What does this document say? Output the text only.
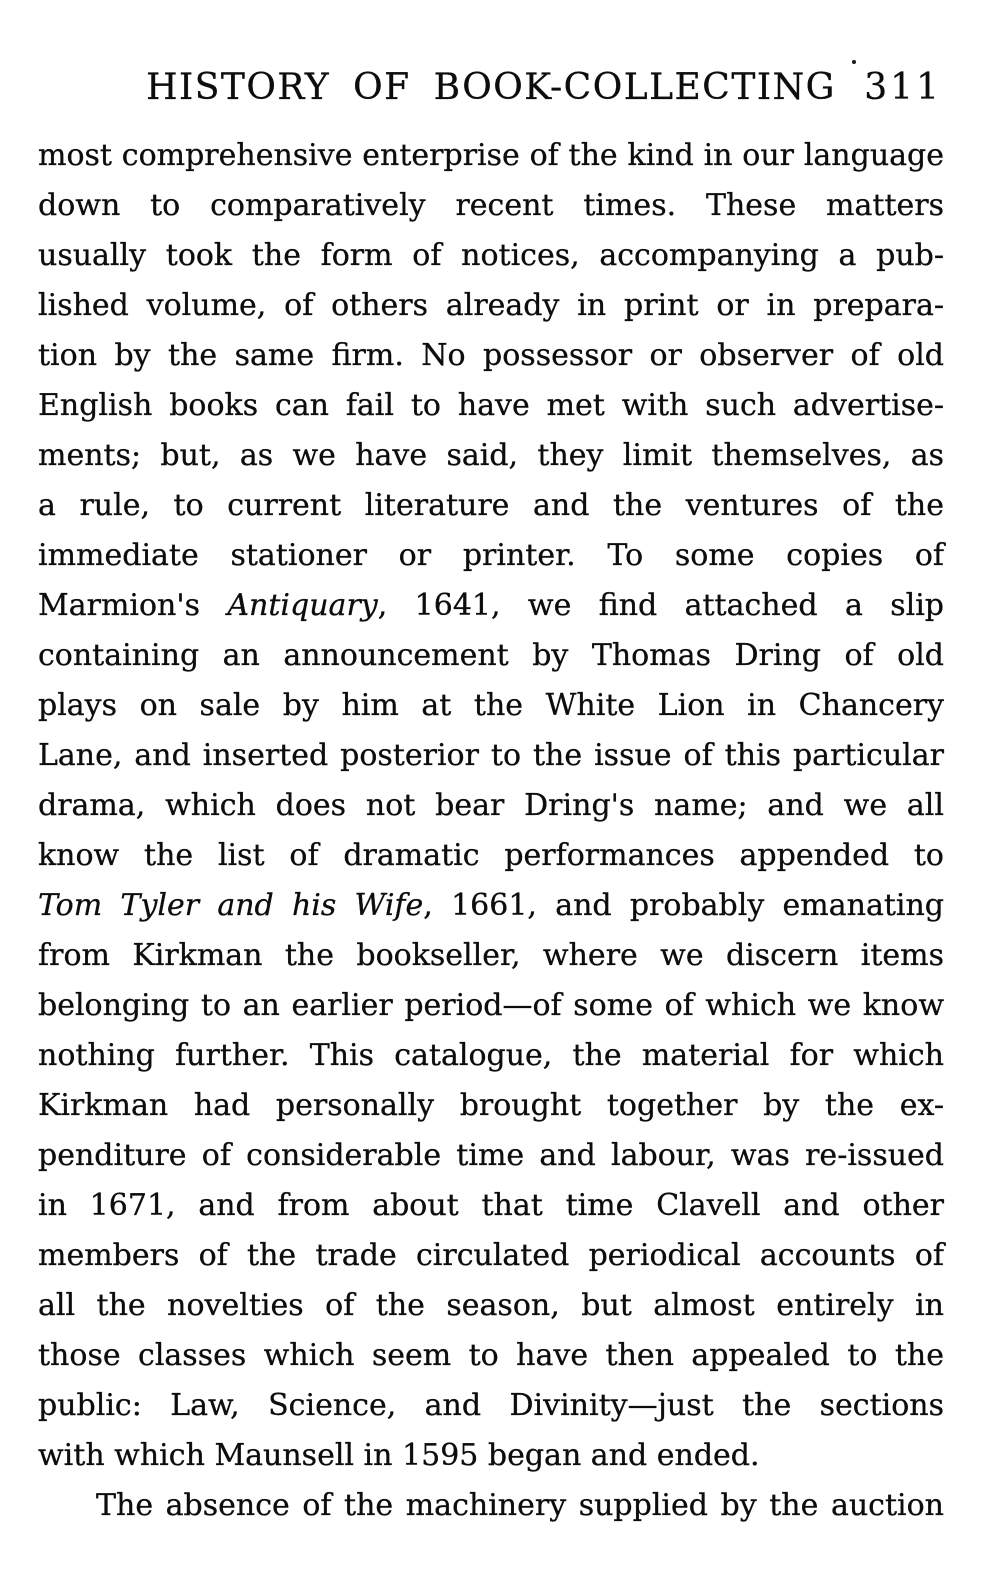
HISTORY OF BOOK-COLLECTING 311
most comprehensive enterprise of the kind in our language
down to comparatively recent times. These matters
usually took the form of notices, accompanying a pub-
lished volume, of others already in print or in prepara-
tion by the same firm. No possessor or observer of old
English books can fail to have met with such advertise-
ments; but, as we have said, they limit themselves, as
a rule, to current literature and the ventures of the
immediate stationer or printer. To some copies of
Marmion's Antiquary, 1641, we find attached a slip
containing an announcement by Thomas Dring of old
plays on sale by him at the White Lion in Chancery
Lane, and inserted posterior to the issue of this particular
drama, which does not bear Dring's name; and we all
know the list of dramatic performances appended to
Tom Tyler and his Wife, 1661, and probably emanating
from Kirkman the bookseller, where we discern items
belonging to an earlier period—of some of which we know
nothing further. This catalogue, the material for which
Kirkman had personally brought together by the ex-
penditure of considerable time and labour, was re-issued
in 1671, and from about that time Clavell and other
members of the trade circulated periodical accounts of
all the novelties of the season, but almost entirely in
those classes which seem to have then appealed to the
public: Law, Science, and Divinity—just the sections
with which Maunsell in 1595 began and ended.
The absence of the machinery supplied by the auction
